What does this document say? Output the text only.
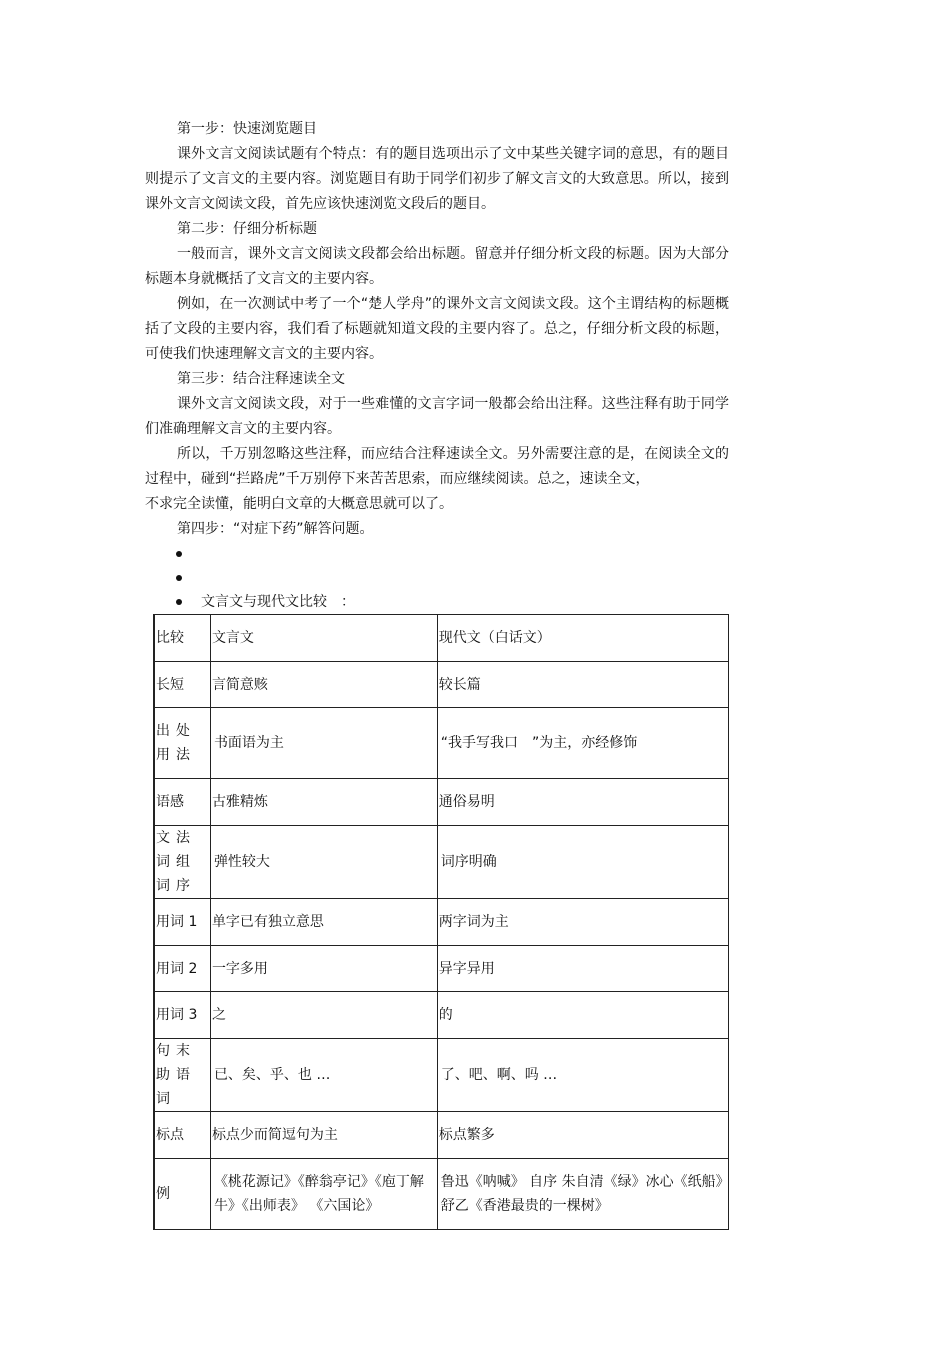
第一步：快速浏览题目

课外文言文阅读试题有个特点：有的题目选项出示了文中某些关键字词的意思，有的题目则提示了文言文的主要内容。浏览题目有助于同学们初步了解文言文的大致意思。所以，接到课外文言文阅读文段，首先应该快速浏览文段后的题目。

第二步：仔细分析标题

一般而言，课外文言文阅读文段都会给出标题。留意并仔细分析文段的标题。因为大部分标题本身就概括了文言文的主要内容。

例如，在一次测试中考了一个“楚人学舟”的课外文言文阅读文段。这个主谓结构的标题概括了文段的主要内容，我们看了标题就知道文段的主要内容了。总之，仔细分析文段的标题，可使我们快速理解文言文的主要内容。

第三步：结合注释速读全文

课外文言文阅读文段，对于一些难懂的文言字词一般都会给出注释。这些注释有助于同学们准确理解文言文的主要内容。

所以，千万别忽略这些注释，而应结合注释速读全文。另外需要注意的是，在阅读全文的过程中，碰到“拦路虎”千万别停下来苦苦思索，而应继续阅读。总之，速读全文，

不求完全读懂，能明白文章的大概意思就可以了。

第四步：“对症下药”解答问题。

文言文与现代文比较　：
比较	文言文	现代文（白话文）
长短	言简意赅	较长篇
出处用法	书面语为主	“我手写我口　”为主，亦经修饰
语感	古雅精炼	通俗易明
文法词组词序	弹性较大	词序明确
用词 1	单字已有独立意思	两字词为主
用词 2	一字多用	异字异用
用词 3	之	的
句末助语词	已、矣、乎、也 …	了、吧、啊、吗 …
标点	标点少而简逗句为主	标点繁多
例	《桃花源记》《醉翁亭记》《庖丁解牛》《出师表》 《六国论》	鲁迅《呐喊》 自序 朱自清《绿》冰心《纸船》舒乙《香港最贵的一棵树》
